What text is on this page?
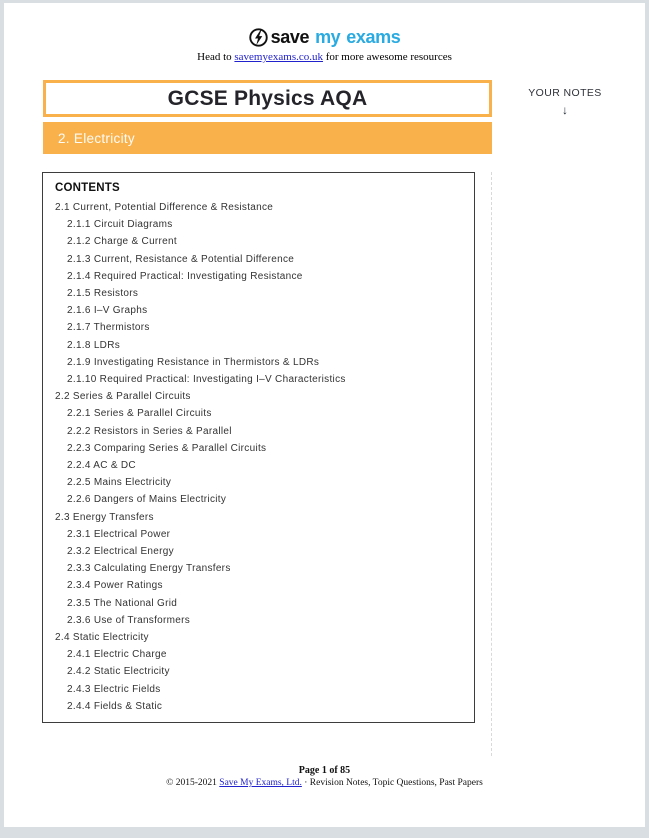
save my exams
Head to savemyexams.co.uk for more awesome resources
GCSE Physics AQA
2. Electricity
YOUR NOTES
↓
CONTENTS
2.1 Current, Potential Difference & Resistance
2.1.1 Circuit Diagrams
2.1.2 Charge & Current
2.1.3 Current, Resistance & Potential Difference
2.1.4 Required Practical: Investigating Resistance
2.1.5 Resistors
2.1.6 I–V Graphs
2.1.7 Thermistors
2.1.8 LDRs
2.1.9 Investigating Resistance in Thermistors & LDRs
2.1.10 Required Practical: Investigating I–V Characteristics
2.2 Series & Parallel Circuits
2.2.1 Series & Parallel Circuits
2.2.2 Resistors in Series & Parallel
2.2.3 Comparing Series & Parallel Circuits
2.2.4 AC & DC
2.2.5 Mains Electricity
2.2.6 Dangers of Mains Electricity
2.3 Energy Transfers
2.3.1 Electrical Power
2.3.2 Electrical Energy
2.3.3 Calculating Energy Transfers
2.3.4 Power Ratings
2.3.5 The National Grid
2.3.6 Use of Transformers
2.4 Static Electricity
2.4.1 Electric Charge
2.4.2 Static Electricity
2.4.3 Electric Fields
2.4.4 Fields & Static
Page 1 of 85
© 2015-2021 Save My Exams, Ltd. · Revision Notes, Topic Questions, Past Papers
